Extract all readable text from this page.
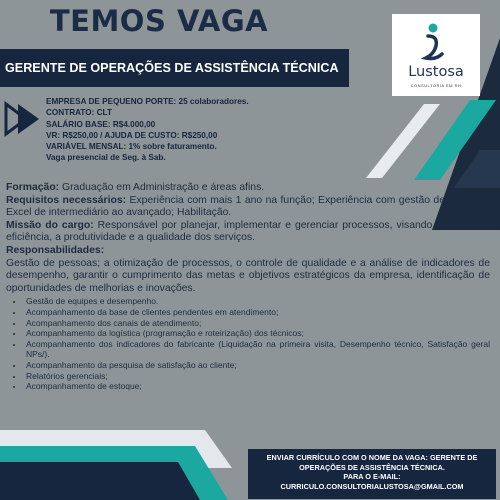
TEMOS VAGA
GERENTE DE OPERAÇÕES DE ASSISTÊNCIA TÉCNICA	Lustosa
CONSULTORIA EM RH
EMPRESA DE PEQUENO PORTE: 25 colaboradores.
CONTRATO: CLT
SALÁRIO BASE: R$4.000,00
VR: R$250,00 / AJUDA DE CUSTO: R$250,00
VARIÁVEL MENSAL: 1% sobre faturamento.
Vaga presencial de Seg. à Sab.

Formação: Graduação em Administração e áreas afins.

Requisitos necessários: Experiência com mais 1 ano na função; Experiência com gestão de pessoas; Excel de intermediário ao avançado; Habilitação.

Missão do cargo: Responsável por planejar, implementar e gerenciar processos, visando aumentar a eficiência, a produtividade e a qualidade dos serviços.

Responsabilidades:

Gestão de pessoas; a otimização de processos, o controle de qualidade e a análise de indicadores de desempenho, garantir o cumprimento das metas e objetivos estratégicos da empresa, identificação de oportunidades de melhorias e inovações.

• Gestão de equipes e desempenho.
• Acompanhamento da base de clientes pendentes em atendimento;
• Acompanhamento dos canais de atendimento;
• Acompanhamento da logística (programação e roteirização) dos técnicos;
• Acompanhamento dos indicadores do fabricante (Liquidação na primeira visita, Desempenho técnico, Satisfação geral NPs/).
• Acompanhamento da pesquisa de satisfação ao cliente;
• Relatórios gerenciais;
• Acompanhamento de estoque;
ENVIAR CURRÍCULO COM O NOME DA VAGA: GERENTE DE
OPERAÇÕES DE ASSISTÊNCIA TÉCNICA.
PARA O E-MAIL:
CURRICULO.CONSULTORIALUSTOSA@GMAIL.COM
